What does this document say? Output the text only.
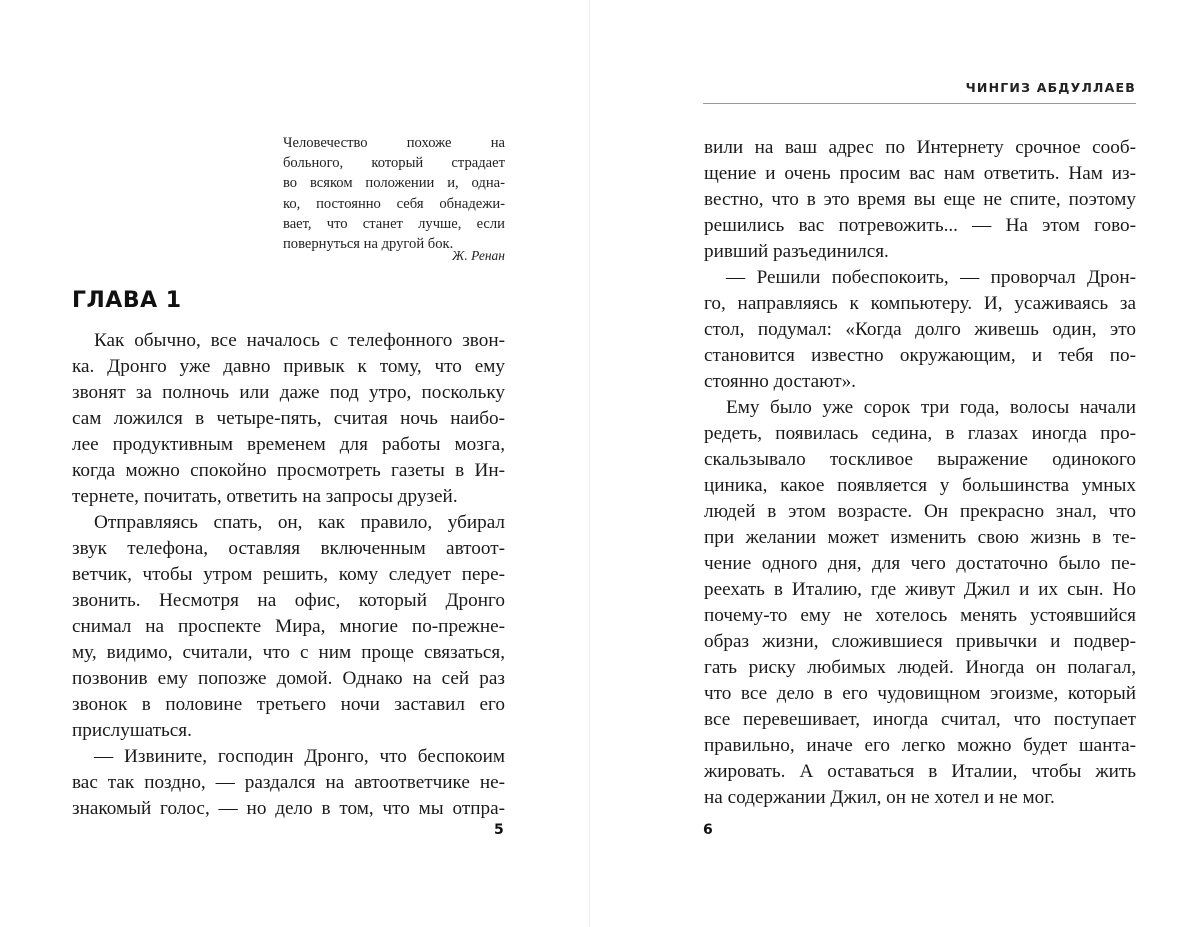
Человечество похоже на
больного, который страдает
во всяком положении и, одна-
ко, постоянно себя обнадежи-
вает, что станет лучше, если
повернуться на другой бок.
Ж. Ренан
ГЛАВА 1
Как обычно, все началось с телефонного звон-
ка. Дронго уже давно привык к тому, что ему
звонят за полночь или даже под утро, поскольку
сам ложился в четыре-пять, считая ночь наибо-
лее продуктивным временем для работы мозга,
когда можно спокойно просмотреть газеты в Ин-
тернете, почитать, ответить на запросы друзей.
Отправляясь спать, он, как правило, убирал
звук телефона, оставляя включенным автоот-
ветчик, чтобы утром решить, кому следует пере-
звонить. Несмотря на офис, который Дронго
снимал на проспекте Мира, многие по-прежне-
му, видимо, считали, что с ним проще связаться,
позвонив ему попозже домой. Однако на сей раз
звонок в половине третьего ночи заставил его
прислушаться.
— Извините, господин Дронго, что беспокоим
вас так поздно, — раздался на автоответчике не-
знакомый голос, — но дело в том, что мы отпра-
5
ЧИНГИЗ АБДУЛЛАЕВ
вили на ваш адрес по Интернету срочное сооб-
щение и очень просим вас нам ответить. Нам из-
вестно, что в это время вы еще не спите, поэтому
решились вас потревожить... — На этом гово-
ривший разъединился.
— Решили побеспокоить, — проворчал Дрон-
го, направляясь к компьютеру. И, усаживаясь за
стол, подумал: «Когда долго живешь один, это
становится известно окружающим, и тебя по-
стоянно достают».
Ему было уже сорок три года, волосы начали
редеть, появилась седина, в глазах иногда про-
скальзывало тоскливое выражение одинокого
циника, какое появляется у большинства умных
людей в этом возрасте. Он прекрасно знал, что
при желании может изменить свою жизнь в те-
чение одного дня, для чего достаточно было пе-
реехать в Италию, где живут Джил и их сын. Но
почему-то ему не хотелось менять устоявшийся
образ жизни, сложившиеся привычки и подвер-
гать риску любимых людей. Иногда он полагал,
что все дело в его чудовищном эгоизме, который
все перевешивает, иногда считал, что поступает
правильно, иначе его легко можно будет шанта-
жировать. А оставаться в Италии, чтобы жить
на содержании Джил, он не хотел и не мог.
6
